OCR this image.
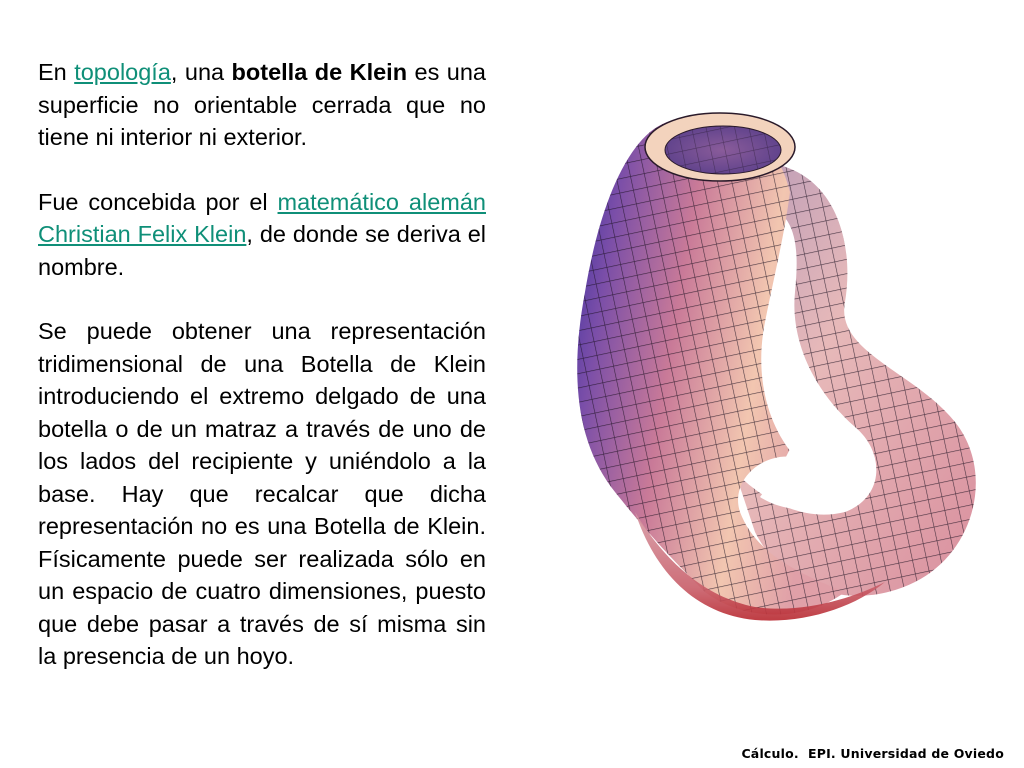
En topología, una botella de Klein es una superficie no orientable cerrada que no tiene ni interior ni exterior.

Fue concebida por el matemático alemán Christian Felix Klein, de donde se deriva el nombre.

Se puede obtener una representación tridimensional de una Botella de Klein introduciendo el extremo delgado de una botella o de un matraz a través de uno de los lados del recipiente y uniéndolo a la base. Hay que recalcar que dicha representación no es una Botella de Klein. Físicamente puede ser realizada sólo en un espacio de cuatro dimensiones, puesto que debe pasar a través de sí misma sin la presencia de un hoyo.

Cálculo.  EPI. Universidad de Oviedo
